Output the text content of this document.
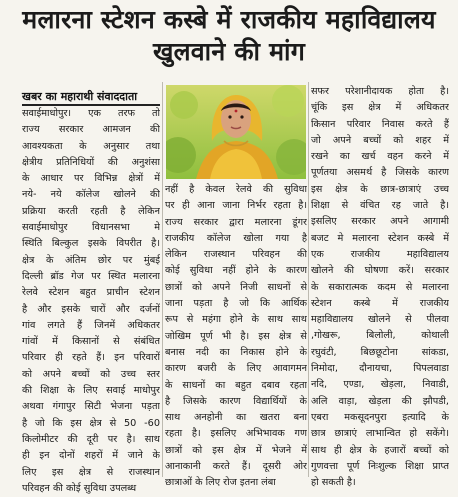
मलारना स्टेशन कस्बे में राजकीय महाविद्यालय
खुलवाने की मांग
खबर का महाराथी संवाददाता
सवाईमाधोपुर। एक तरफ तो
राज्य सरकार आमजन की
आवश्यकता के अनुसार तथा
क्षेत्रीय प्रतिनिधियों की अनुशंसा
के आधार पर विभिन्न क्षेत्रों में
नये- नये कॉलेज खोलने की
प्रक्रिया करती रहती है लेकिन
सवाईमाधोपुर विधानसभा मे
स्थिति बिल्कुल इसके विपरीत है।
क्षेत्र के अंतिम छोर पर मुंबई
दिल्ली ब्रॉड गेज पर स्थित मलारना
रेलवे स्टेशन बहुत प्राचीन स्टेशन
है और इसके चारों और दर्जनों
गांव लगते हैं जिनमें अधिकतर
गांवों में किसानों से संबंधित
परिवार ही रहते हैं। इन परिवारों
को अपने बच्चों को उच्च स्तर
की शिक्षा के लिए सवाई माधोपुर
अथवा गंगापुर सिटी भेजना पड़ता
है जो कि इस क्षेत्र से 50 -60
किलोमीटर की दूरी पर है। साथ
ही इन दोनों शहरों में जाने के
लिए इस क्षेत्र से राजस्थान
परिवहन की कोई सुविधा उपलब्ध
नहीं है केवल रेलवे की सुविधा
पर ही आना जाना निर्भर रहता है।
राज्य सरकार द्वारा मलारना डूंगर
राजकीय कॉलेज खोला गया है
लेकिन राजस्थान परिवहन की
कोई सुविधा नहीं होने के कारण
छात्रों को अपने निजी साधनों से
जाना पड़ता है जो कि आर्थिक
रूप से महंगा होने के साथ साथ
जोखिम पूर्ण भी है। इस क्षेत्र से
बनास नदी का निकास होने के
कारण बजरी के लिए आवागमन
के साधनों का बहुत दबाव रहता
है जिसके कारण विद्यार्थियों के
साथ अनहोनी का खतरा बना
रहता है। इसलिए अभिभावक गण
छात्रों को इस क्षेत्र में भेजने में
आनाकानी करते हैं। दूसरी ओर
छात्राओं के लिए रोज इतना लंबा
सफर परेशानीदायक होता है।
चूंकि इस क्षेत्र में अधिकतर
किसान परिवार निवास करते हैं
जो अपने बच्चों को शहर में
रखने का खर्च वहन करने में
पूर्णतया असमर्थ है जिसके कारण
इस क्षेत्र के छात्र-छात्राएं उच्च
शिक्षा से वंचित रह जाते है।
इसलिए सरकार अपने आगामी
बजट मे मलारना स्टेशन कस्बे में
एक राजकीय महाविद्यालय
खोलने की घोषणा करें। सरकार
के सकारात्मक कदम से मलारना
स्टेशन कस्बे में राजकीय
महाविद्यालय खोलने से पीलवा
,गोखरू, बिलोली, कोथाली
रघुवंटी, बिछछूटोना सांकडा,
निमोदा, दौनायचा, पिपलवाडा
नदि, एण्डा, खेड़ला, निवाडी,
अलि वाड़ा, खेड़ला की झौपडी,
एबरा मकसूदनपुरा इत्यादि के
छात्र छात्राएं लाभान्वित हो सकेंगे।
साथ ही क्षेत्र के हजारों बच्चों को
गुणवत्ता पूर्ण निःशुल्क शिक्षा प्राप्त
हो सकती है।
